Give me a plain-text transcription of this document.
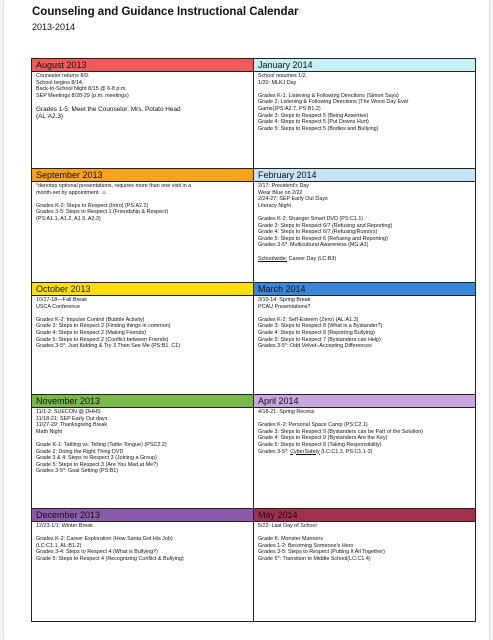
Counseling and Guidance Instructional Calendar
2013-2014
August 2013
Counselor returns 8/9.
School begins 8/14.
Back-to-School Night 8/15 @ 6-8 p.m.
SEP Meetings 8/28-29 (p.m. meetings)
Grades 1-5: Meet the Counselor: Mrs. Potato Head
(AL:A2.3)
September 2013
*denotes optional presentations, requires more than one visit in a
month-set by appointment. ☺
Grades K-2: Steps to Respect (Intro) (PS:A2.2)
Grades 3-5: Steps to Respect 1 (Friendship & Respect)
(PS:A1.1, A1.2, A1.9, A2.3)
October 2013
10/17-18—Fall Break
USCA Conference
Grades K-2: Impulse Control (Bubble Activity)
Grade 3: Steps to Respect 2 (Finding things in common)
Grade 4: Steps to Respect 2 (Making Friends)
Grade 5: Steps to Respect 2 (Conflict between Friends)
Grades 3-5*: Just Kidding & Try 3 Then See Me (PS:B1. C1)
November 2013
11/1-2: SUECON @ DHHS
11/18-21: SEP Early Out days
11/27-29: Thanksgiving Break
Math Night
Grade K-1: Tattling vs. Telling (Tattle Tongue) (PSC2.2)
Grade 2: Doing the Right Thing DVD
Grade 3 & 4: Steps to Respect 3 (Joining a Group)
Grade 5: Steps to Respect 3 (Are You Mad at Me?)
Grades 3-5*: Goal Setting (PS:B1)
December 2013
12/23-1/1: Winter Break
Grades K-2: Career Exploration (How Santa Got His Job)
(LC:C1.1, AL:B1.2)
Grades 3-4: Steps to Respect 4 (What is Bullying?)
Grade 5: Steps to Respect 4 (Recognizing Conflict & Bullying)
January 2014
School resumes 1/2.
1/20: MLKJ Day
Grades K-1: Listening & Following Directions (Simon Says)
Grade 2: Listening & Following Directions (The Worst Day Ever
Game)(PS:A2.7, PS:B1.2)
Grade 3: Steps to Respect 5 (Being Assertive)
Grade 4: Steps to Respect 5 (Put Downs Hurt)
Grade 5: Steps to Respect 5 (Bodies and Bullying)
February 2014
2/17: President's Day
Wear Blue on 2/22
2/24-27: SEP Early Out Days
Literacy Night
Grades K-2: Stranger Smart DVD (PS:C1.1)
Grade 3: Steps to Respect 6/7 (Refusing and Reporting)
Grade 4: Steps to Respect 6/7 (Refusing/Rumors)
Grade 5: Steps to Respect 6 (Refusing and Reporting)
Grades 3-5*: Multicultural Awareness (MG:A1)
Schoolwide: Career Day (LC:B3)
March 2014
3/10-14: Spring Break
PCAU Presentations?
Grades K-2: Self-Esteem (Zero) (AL:A1.3)
Grade 3: Steps to Respect 8 (What is a Bystander?)
Grade 4: Steps to Respect 8 (Reporting Bullying)
Grade 5: Steps to Respect 7 (Bystanders can Help)
Grades 3-5*: Odd Velvet–Accepting Differences
April 2014
4/18-21: Spring Recess
Grades K-2: Personal Space Camp (PS:C2.1)
Grade 3: Steps to Respect 9 (Bystanders can be Part of the Solution)
Grade 4: Steps to Respect 9 (Bystanders Are the Key)
Grade 5: Steps to Respect 8 (Taking Responsibility)
Grades 3-5*: CyberSafety (LC:C1.3, PS:C1.1-3)
May 2014
5/22: Last Day of School
Grade K: Monster Manners
Grades 1-2: Becoming Someone's Hero
Grades 3-5: Steps to Respect (Putting It All Together)
Grade 5*: Transition to Middle School(LC:C1.4)
